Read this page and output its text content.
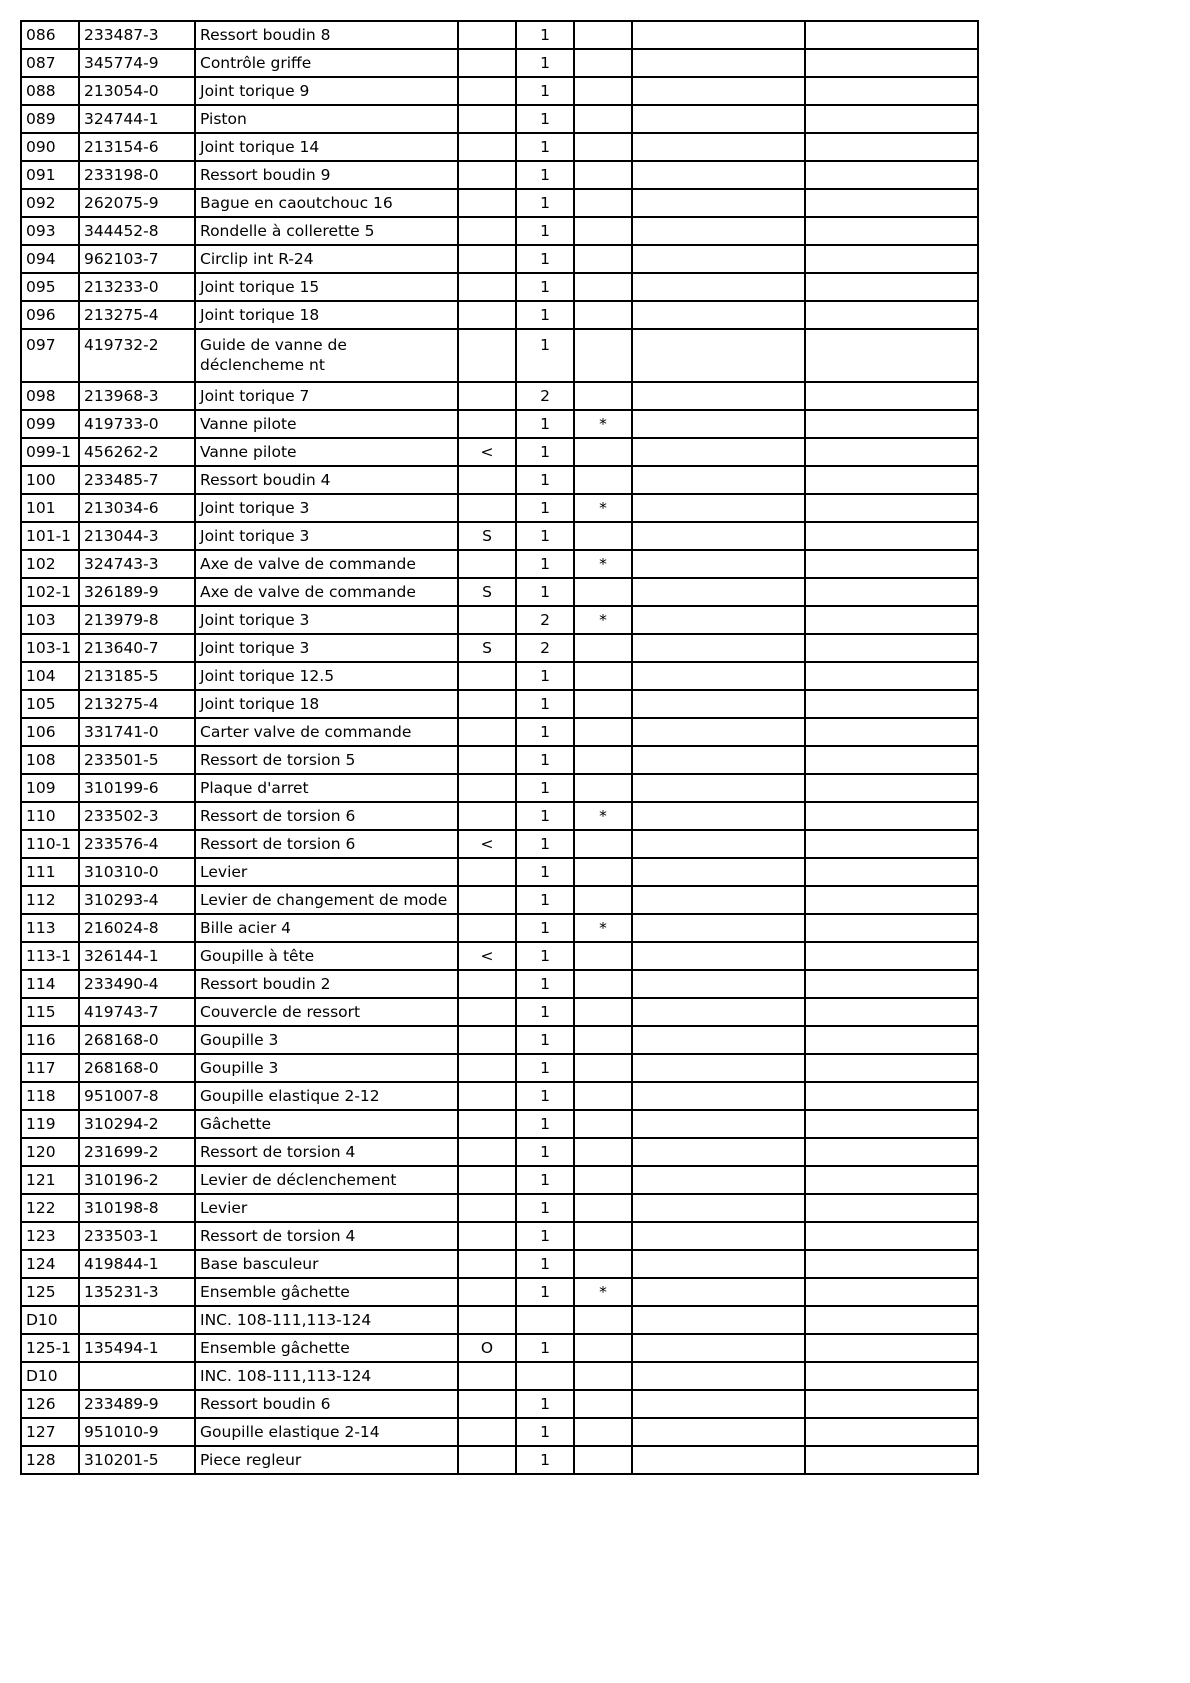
086	233487-3	Ressort boudin 8		1			
087	345774-9	Contrôle griffe		1			
088	213054-0	Joint torique 9		1			
089	324744-1	Piston		1			
090	213154-6	Joint torique 14		1			
091	233198-0	Ressort boudin 9		1			
092	262075-9	Bague en caoutchouc 16		1			
093	344452-8	Rondelle à collerette 5		1			
094	962103-7	Circlip int R-24		1			
095	213233-0	Joint torique 15		1			
096	213275-4	Joint torique 18		1			
097	419732-2	Guide de vanne de déclencheme nt		1			
098	213968-3	Joint torique 7		2			
099	419733-0	Vanne pilote		1	*		
099-1	456262-2	Vanne pilote	<	1			
100	233485-7	Ressort boudin 4		1			
101	213034-6	Joint torique 3		1	*		
101-1	213044-3	Joint torique 3	S	1			
102	324743-3	Axe de valve de commande		1	*		
102-1	326189-9	Axe de valve de commande	S	1			
103	213979-8	Joint torique 3		2	*		
103-1	213640-7	Joint torique 3	S	2			
104	213185-5	Joint torique 12.5		1			
105	213275-4	Joint torique 18		1			
106	331741-0	Carter valve de commande		1			
108	233501-5	Ressort de torsion 5		1			
109	310199-6	Plaque d'arret		1			
110	233502-3	Ressort de torsion 6		1	*		
110-1	233576-4	Ressort de torsion 6	<	1			
111	310310-0	Levier		1			
112	310293-4	Levier de changement de mode		1			
113	216024-8	Bille acier 4		1	*		
113-1	326144-1	Goupille à tête	<	1			
114	233490-4	Ressort boudin 2		1			
115	419743-7	Couvercle de ressort		1			
116	268168-0	Goupille 3		1			
117	268168-0	Goupille 3		1			
118	951007-8	Goupille elastique 2-12		1			
119	310294-2	Gâchette		1			
120	231699-2	Ressort de torsion 4		1			
121	310196-2	Levier de déclenchement		1			
122	310198-8	Levier		1			
123	233503-1	Ressort de torsion 4		1			
124	419844-1	Base basculeur		1			
125	135231-3	Ensemble gâchette		1	*		
D10		INC. 108-111,113-124					
125-1	135494-1	Ensemble gâchette	O	1			
D10		INC. 108-111,113-124					
126	233489-9	Ressort boudin 6		1			
127	951010-9	Goupille elastique 2-14		1			
128	310201-5	Piece regleur		1			
